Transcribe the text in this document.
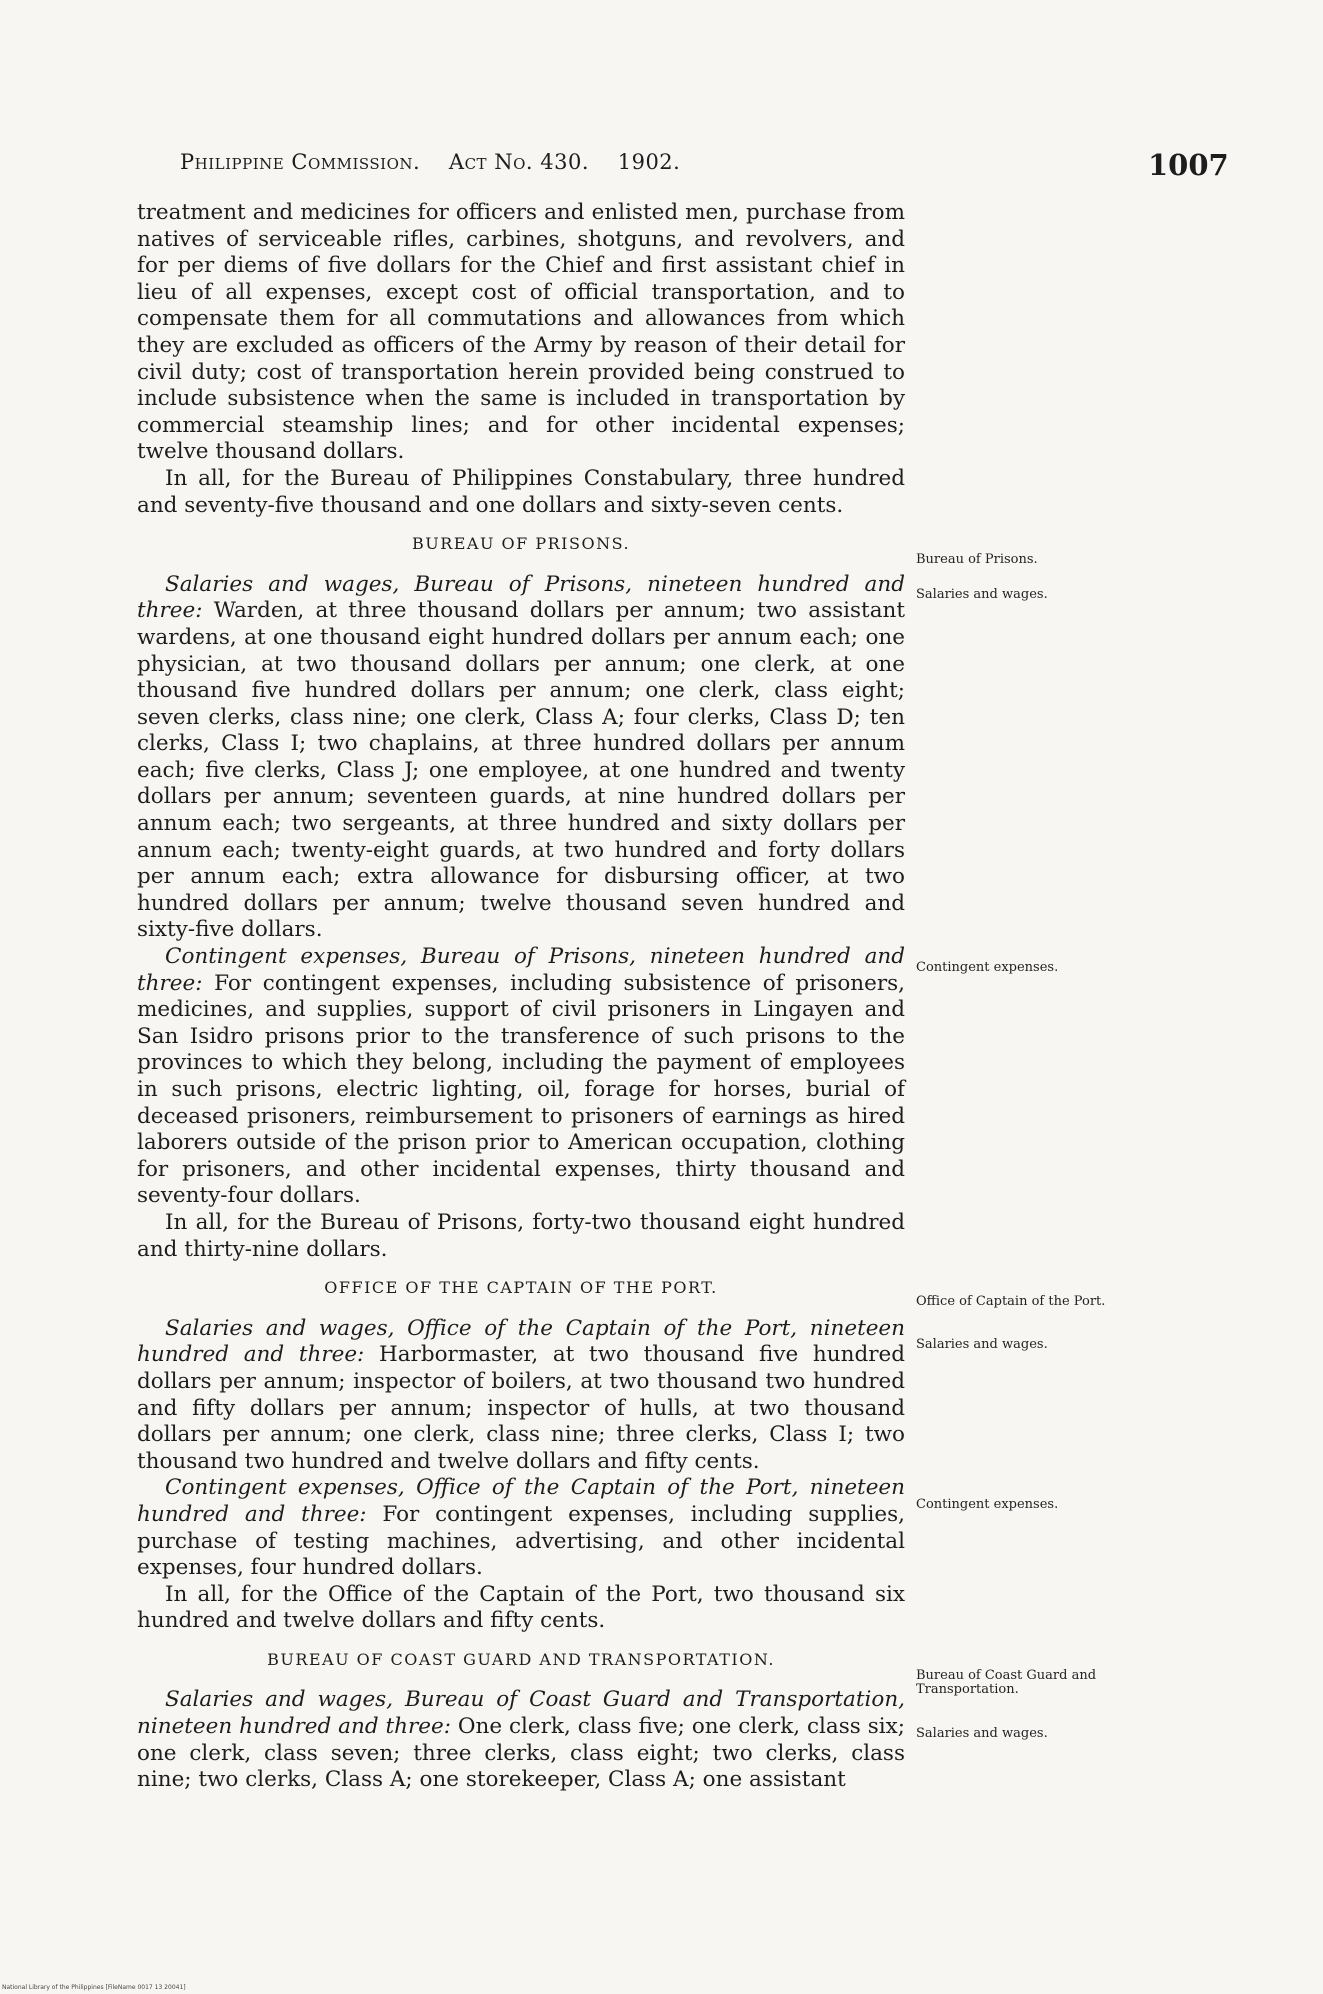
Philippine Commission. Act No. 430. 1902.	1007

treatment and medicines for officers and enlisted men, purchase from natives of serviceable rifles, carbines, shotguns, and revolvers, and for per diems of five dollars for the Chief and first assistant chief in lieu of all expenses, except cost of official transportation, and to compensate them for all commutations and allowances from which they are excluded as officers of the Army by reason of their detail for civil duty; cost of transportation herein provided being construed to include subsistence when the same is included in transportation by commercial steamship lines; and for other incidental expenses; twelve thousand dollars.

In all, for the Bureau of Philippines Constabulary, three hundred and seventy-five thousand and one dollars and sixty-seven cents.

BUREAU OF PRISONS.

Salaries and wages, Bureau of Prisons, nineteen hundred and three: Warden, at three thousand dollars per annum; two assistant wardens, at one thousand eight hundred dollars per annum each; one physician, at two thousand dollars per annum; one clerk, at one thousand five hundred dollars per annum; one clerk, class eight; seven clerks, class nine; one clerk, Class A; four clerks, Class D; ten clerks, Class I; two chaplains, at three hundred dollars per annum each; five clerks, Class J; one employee, at one hundred and twenty dollars per annum; seventeen guards, at nine hundred dollars per annum each; two sergeants, at three hundred and sixty dollars per annum each; twenty-eight guards, at two hundred and forty dollars per annum each; extra allowance for disbursing officer, at two hundred dollars per annum; twelve thousand seven hundred and sixty-five dollars.

Contingent expenses, Bureau of Prisons, nineteen hundred and three: For contingent expenses, including subsistence of prisoners, medicines, and supplies, support of civil prisoners in Lingayen and San Isidro prisons prior to the transference of such prisons to the provinces to which they belong, including the payment of employees in such prisons, electric lighting, oil, forage for horses, burial of deceased prisoners, reimbursement to prisoners of earnings as hired laborers outside of the prison prior to American occupation, clothing for prisoners, and other incidental expenses, thirty thousand and seventy-four dollars.

In all, for the Bureau of Prisons, forty-two thousand eight hundred and thirty-nine dollars.

OFFICE OF THE CAPTAIN OF THE PORT.

Salaries and wages, Office of the Captain of the Port, nineteen hundred and three: Harbormaster, at two thousand five hundred dollars per annum; inspector of boilers, at two thousand two hundred and fifty dollars per annum; inspector of hulls, at two thousand dollars per annum; one clerk, class nine; three clerks, Class I; two thousand two hundred and twelve dollars and fifty cents.

Contingent expenses, Office of the Captain of the Port, nineteen hundred and three: For contingent expenses, including supplies, purchase of testing machines, advertising, and other incidental expenses, four hundred dollars.

In all, for the Office of the Captain of the Port, two thousand six hundred and twelve dollars and fifty cents.

BUREAU OF COAST GUARD AND TRANSPORTATION.

Salaries and wages, Bureau of Coast Guard and Transportation, nineteen hundred and three: One clerk, class five; one clerk, class six; one clerk, class seven; three clerks, class eight; two clerks, class nine; two clerks, Class A; one storekeeper, Class A; one assistant

Bureau of Prisons.
Salaries and wages.
Contingent expenses.
Office of Captain of the Port.
Salaries and wages.
Contingent expenses.
Bureau of Coast Guard and Transportation.
Salaries and wages.
National Library of the Philippines [FileName 0017 13 20041]
